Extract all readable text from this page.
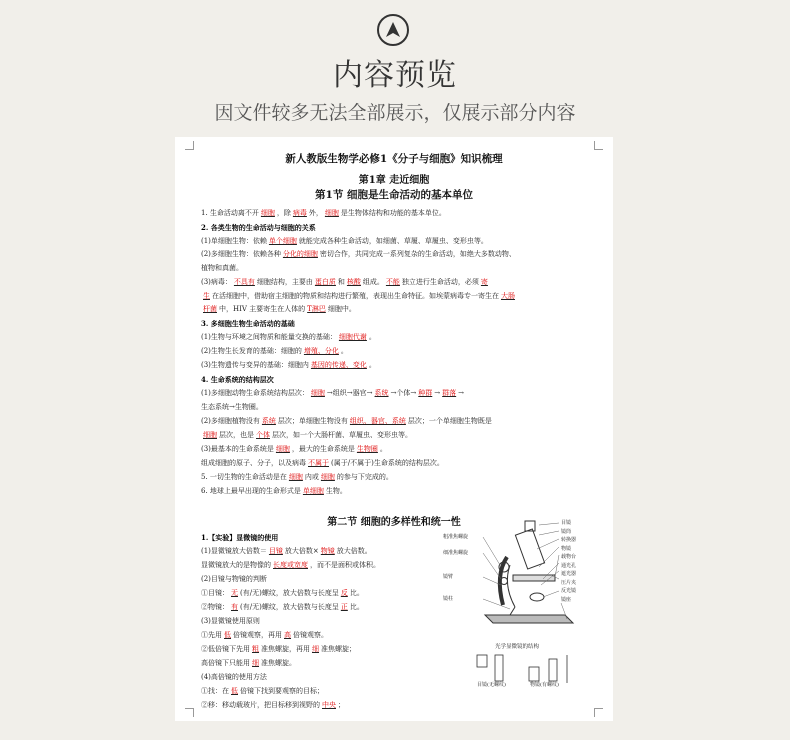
内容预览
因文件较多无法全部展示，仅展示部分内容
新人教版生物学必修1《分子与细胞》知识梳理
第1章 走近细胞
第1节 细胞是生命活动的基本单位
1. 生命活动离不开 细胞 ，除 病毒 外， 细胞 是生物体结构和功能的基本单位。
2. 各类生物的生命活动与细胞的关系
(1)单细胞生物：依赖 单个细胞 就能完成各种生命活动，如细菌、草履、草履虫、变形虫等。
(2)多细胞生物：依赖各种 分化的细胞 密切合作，共同完成一系列复杂的生命活动，如绝大多数动物、
植物和真菌。
(3)病毒： 不具有 细胞结构，主要由 蛋白质 和 核酸 组成。 不能 独立进行生命活动，必须 寄
生 在活细胞中，借助宿主细胞的物质和结构进行繁殖，表现出生命特征。如埃蒙病毒专一寄生在 大肠
杆菌 中，HIV 主要寄生在人体的 T淋巴 细胞中。
3. 多细胞生物生命活动的基础
(1)生物与环境之间物质和能量交换的基础： 细胞代谢 。
(2)生物生长发育的基础：细胞的 增殖、分化 。
(3)生物遗传与变异的基础：细胞内 基因的传递、变化 。
4. 生命系统的结构层次
(1)多细胞动物生命系统结构层次： 细胞 →组织→器官→ 系统 →个体→ 种群 → 群落 →
生态系统→生物圈。
(2)多细胞植物没有 系统 层次；单细胞生物没有 组织、器官、系统 层次；一个单细胞生物既是
细胞 层次，也是 个体 层次，如一个大肠杆菌、草履虫、变形虫等。
(3)最基本的生命系统是 细胞 ，最大的生命系统是 生物圈 。
组成细胞的原子、分子，以及病毒 不属于 (属于/不属于)生命系统的结构层次。
5. 一切生物的生命活动是在 细胞 内或 细胞 的参与下完成的。
6. 地球上最早出现的生命形式是 单细胞 生物。
第二节 细胞的多样性和统一性
1.【实验】显微镜的使用
(1)显微镜放大倍数＝ 目镜 放大倍数× 物镜 放大倍数。
显微镜放大的是物像的 长度或宽度 ，而不是面积或体积。
(2)目镜与物镜的判断
①目镜： 无 (有/无)螺纹，放大倍数与长度呈 反 比。
②物镜： 有 (有/无)螺纹，放大倍数与长度呈 正 比。
(3)显微镜使用原则
①先用 低 倍镜观察，再用 高 倍镜观察。
②低倍镜下先用 粗 准焦螺旋，再用 细 准焦螺旋；
高倍镜下只能用 细 准焦螺旋。
(4)高倍镜的使用方法
①找：在 低 倍镜下找到要观察的目标；
②移：移动载玻片，把目标移到视野的 中央 ；
粗准焦螺旋
细准焦螺旋
镜臂
镜柱
目镜
镜筒
转换器
物镜
载物台
通光孔
遮光器
压片夹
反光镜
镜座
光学显微镜的结构
目镜(无螺纹)	物镜(有螺纹)
